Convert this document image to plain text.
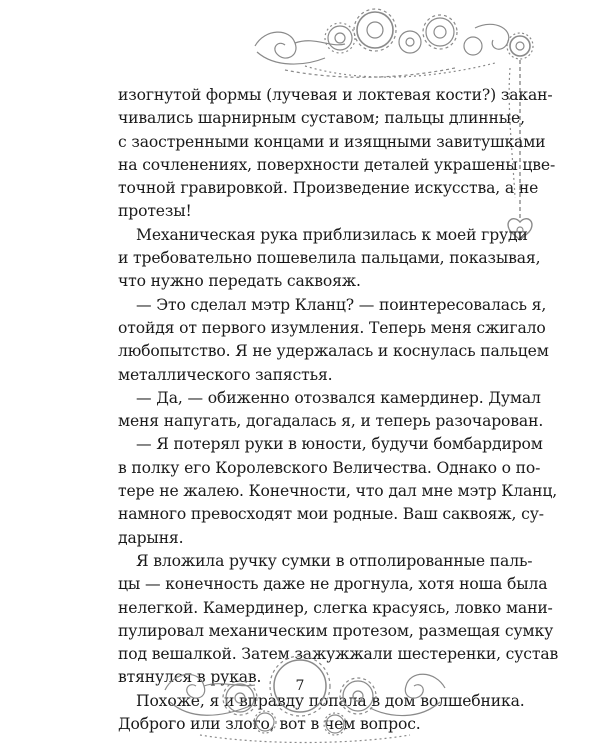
изогнутой формы (лучевая и локтевая кости?) закан-
чивались шарнирным суставом; пальцы длинные,
с заостренными концами и изящными завитушками
на сочленениях, поверхности деталей украшены цве-
точной гравировкой. Произведение искусства, а не
протезы!

Механическая рука приблизилась к моей груди
и требовательно пошевелила пальцами, показывая,
что нужно передать саквояж.

— Это сделал мэтр Кланц? — поинтересовалась я,
отойдя от первого изумления. Теперь меня сжигало
любопытство. Я не удержалась и коснулась пальцем
металлического запястья.

— Да, — обиженно отозвался камердинер. Думал
меня напугать, догадалась я, и теперь разочарован.

— Я потерял руки в юности, будучи бомбардиром
в полку его Королевского Величества. Однако о по-
тере не жалею. Конечности, что дал мне мэтр Кланц,
намного превосходят мои родные. Ваш саквояж, су-
дарыня.

Я вложила ручку сумки в отполированные паль-
цы — конечность даже не дрогнула, хотя ноша была
нелегкой. Камердинер, слегка красуясь, ловко мани-
пулировал механическим протезом, размещая сумку
под вешалкой. Затем зажужжали шестеренки, сустав
втянулся в рукав.

Похоже, я и вправду попала в дом волшебника.
Доброго или злого, вот в чем вопрос.

7
